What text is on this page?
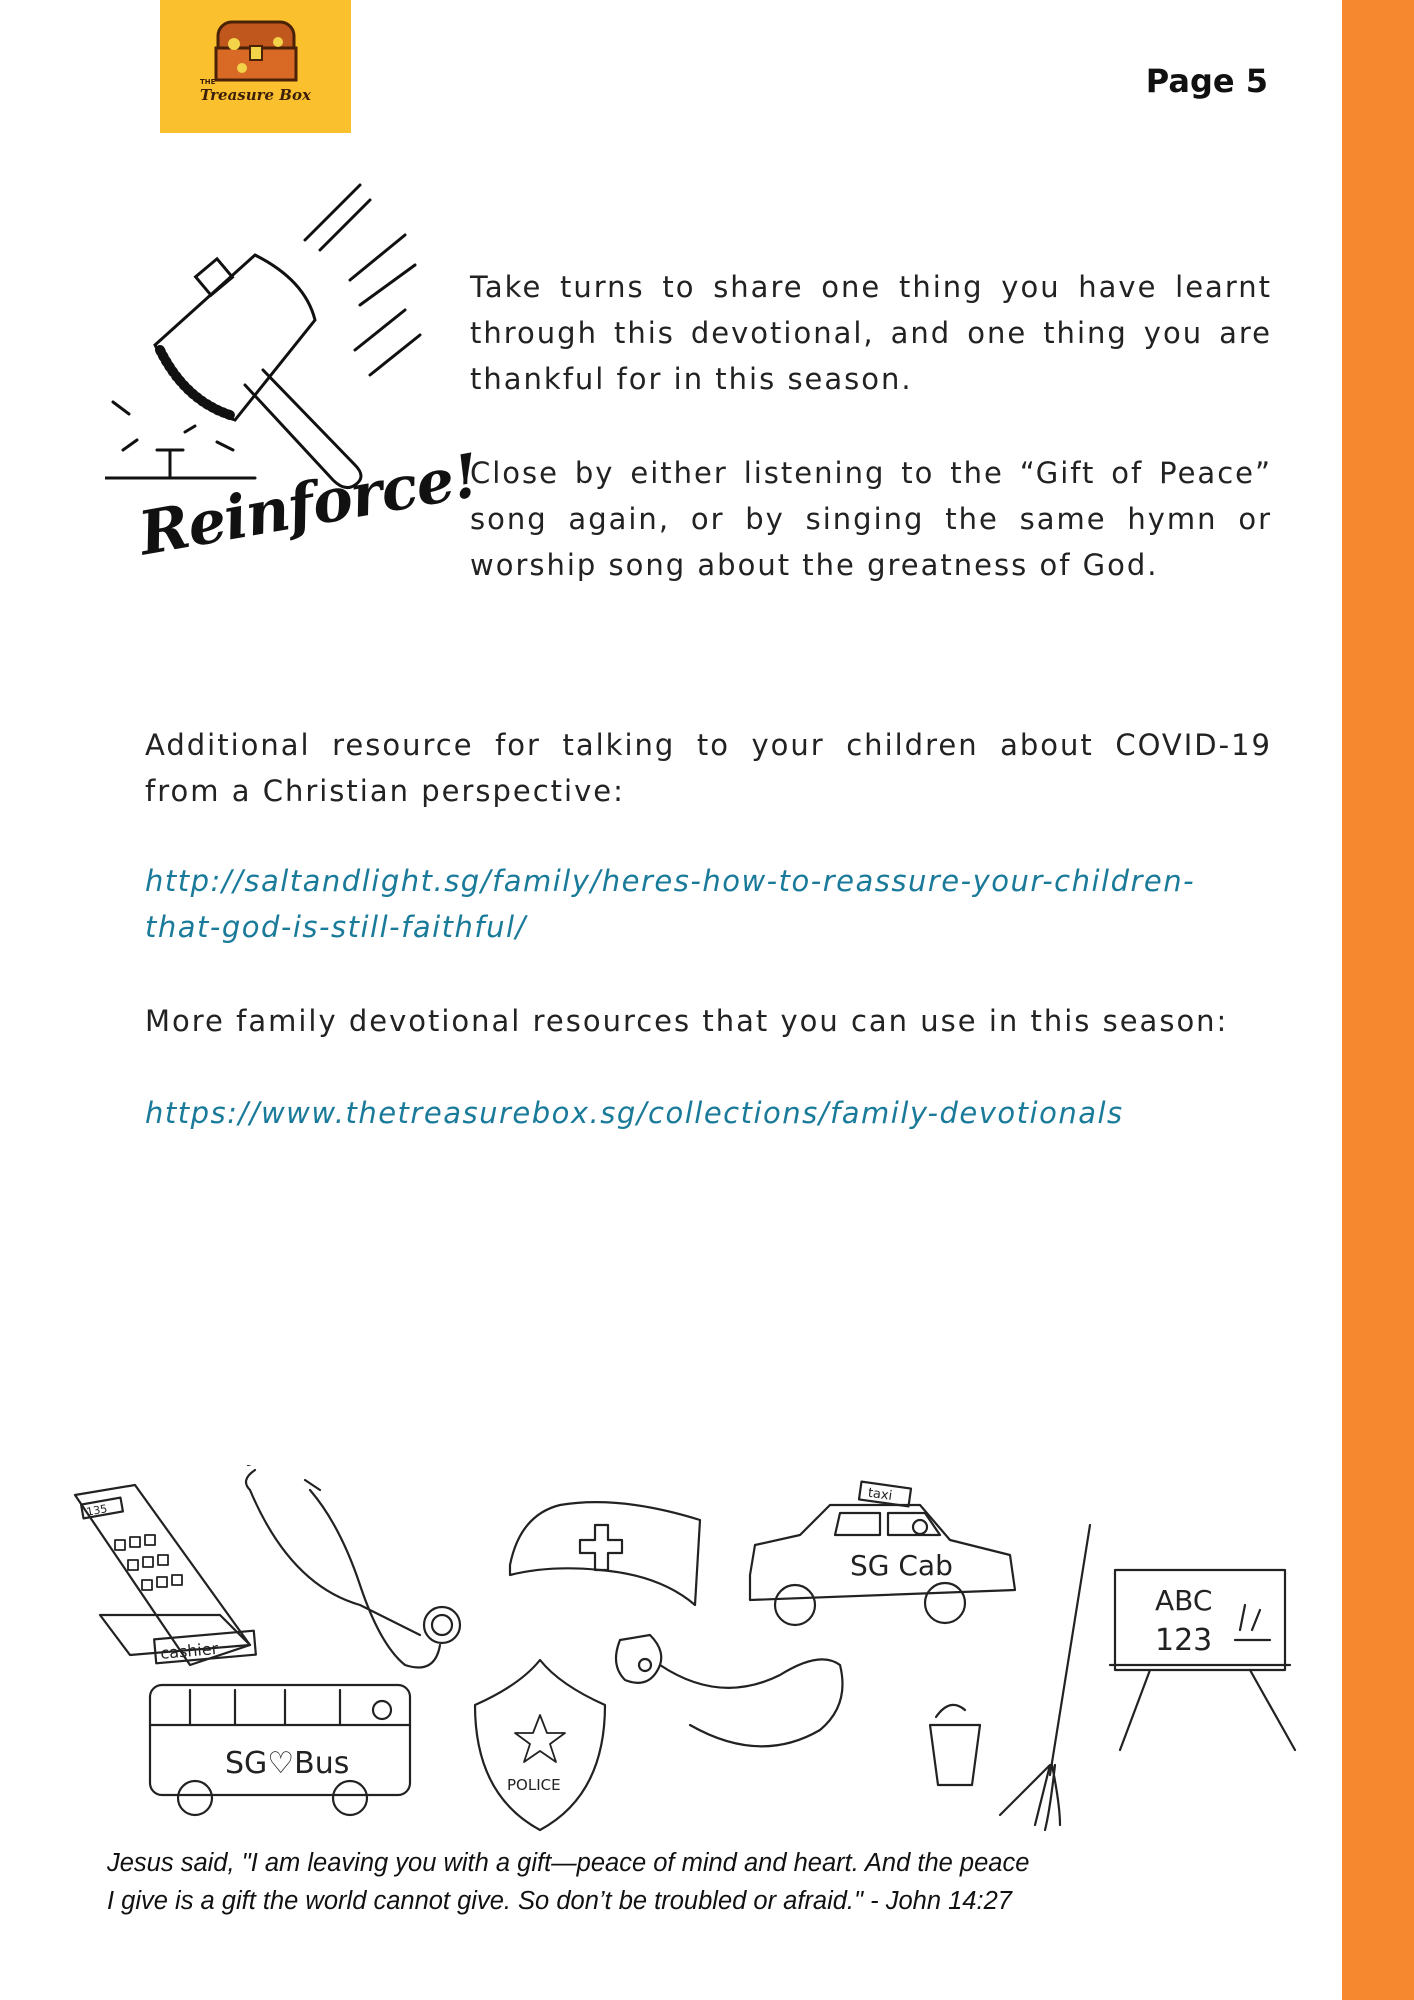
THE
Treasure Box	Page 5
Reinforce!

Take turns to share one thing you have learnt through this devotional, and one thing you are thankful for in this season.

Close by either listening to the “Gift of Peace” song again, or by singing the same hymn or worship song about the greatness of God.

Additional resource for talking to your children about COVID-19 from a Christian perspective:

http://saltandlight.sg/family/heres-how-to-reassure-your-children-
that-god-is-still-faithful/

More family devotional resources that you can use in this season:

https://www.thetreasurebox.sg/collections/family-devotionals

135
cashier
taxi
SG Cab
ABC
123
SG♡Bus
POLICE

Jesus said, "I am leaving you with a gift—peace of mind and heart. And the peace
I give is a gift the world cannot give. So don’t be troubled or afraid." - John 14:27
